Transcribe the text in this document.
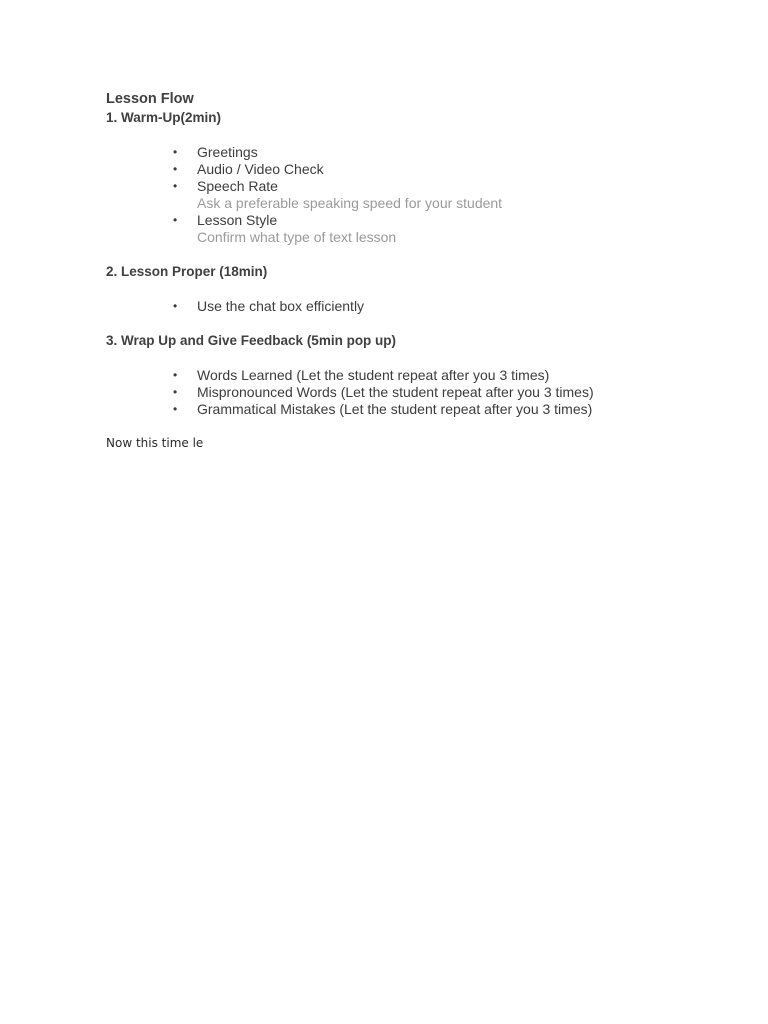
Lesson Flow
1. Warm-Up(2min)
• Greetings
• Audio / Video Check
• Speech Rate
Ask a preferable speaking speed for your student
• Lesson Style
Confirm what type of text lesson
2. Lesson Proper (18min)
• Use the chat box efficiently
3. Wrap Up and Give Feedback (5min pop up)
• Words Learned (Let the student repeat after you 3 times)
• Mispronounced Words (Let the student repeat after you 3 times)
• Grammatical Mistakes (Let the student repeat after you 3 times)
Now this time le
